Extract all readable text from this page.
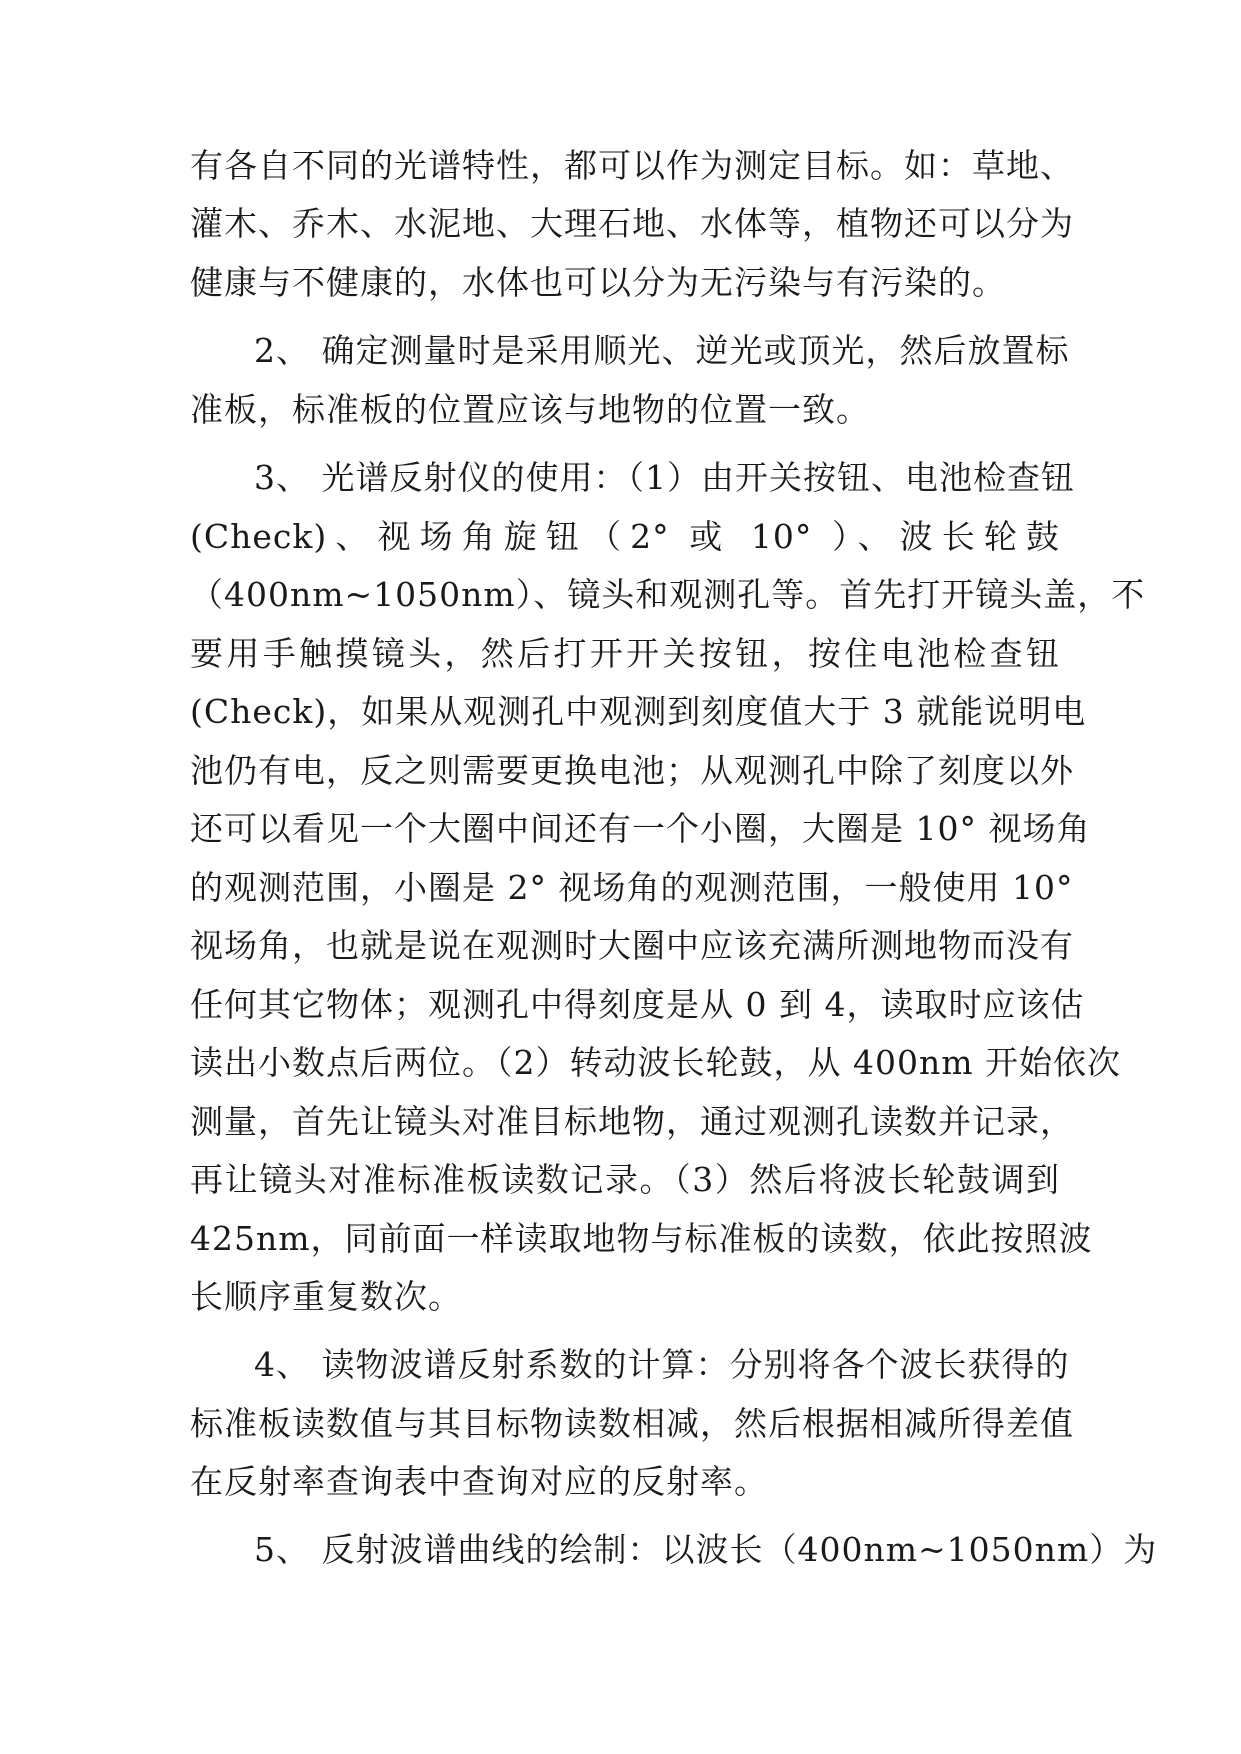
有各自不同的光谱特性，都可以作为测定目标。如：草地、
灌木、乔木、水泥地、大理石地、水体等，植物还可以分为
健康与不健康的，水体也可以分为无污染与有污染的。
2、 确定测量时是采用顺光、逆光或顶光，然后放置标
准板，标准板的位置应该与地物的位置一致。
3、 光谱反射仪的使用：（1）由开关按钮、电池检查钮
(Check)、视场角旋钮（2° 或 10° ）、波长轮鼓
（400nm~1050nm）、镜头和观测孔等。首先打开镜头盖，不
要用手触摸镜头，然后打开开关按钮，按住电池检查钮
(Check)，如果从观测孔中观测到刻度值大于 3 就能说明电
池仍有电，反之则需要更换电池；从观测孔中除了刻度以外
还可以看见一个大圈中间还有一个小圈，大圈是 10° 视场角
的观测范围，小圈是 2° 视场角的观测范围，一般使用 10°
视场角，也就是说在观测时大圈中应该充满所测地物而没有
任何其它物体；观测孔中得刻度是从 0 到 4，读取时应该估
读出小数点后两位。（2）转动波长轮鼓，从 400nm 开始依次
测量，首先让镜头对准目标地物，通过观测孔读数并记录，
再让镜头对准标准板读数记录。（3）然后将波长轮鼓调到
425nm，同前面一样读取地物与标准板的读数，依此按照波
长顺序重复数次。
4、 读物波谱反射系数的计算：分别将各个波长获得的
标准板读数值与其目标物读数相减，然后根据相减所得差值
在反射率查询表中查询对应的反射率。
5、 反射波谱曲线的绘制：以波长（400nm~1050nm）为
